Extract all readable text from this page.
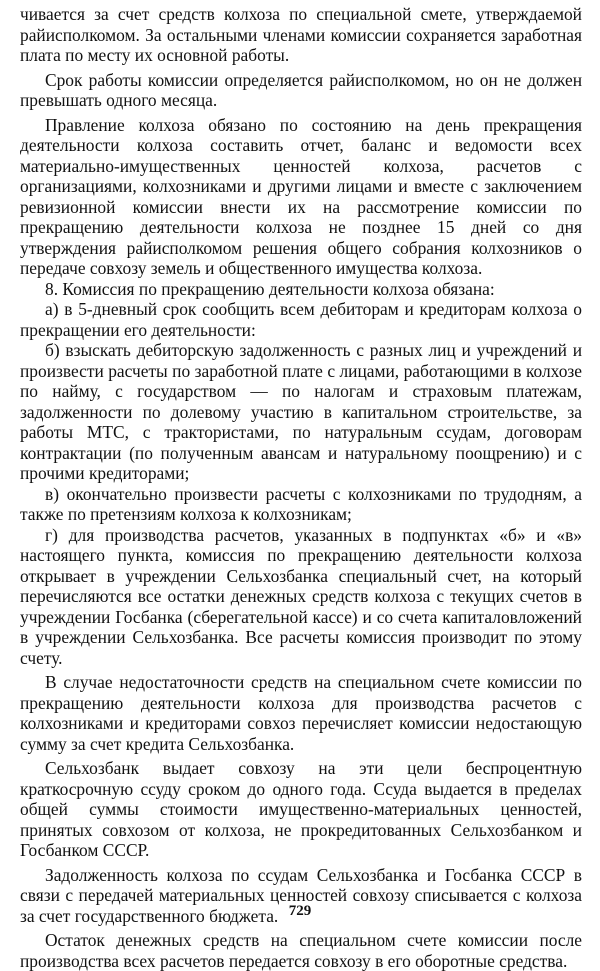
чивается за счет средств колхоза по специальной смете, утверждаемой райисполкомом. За остальными членами комиссии сохраняется заработная плата по месту их основной работы.

Срок работы комиссии определяется райисполкомом, но он не должен превышать одного месяца.

Правление колхоза обязано по состоянию на день прекращения деятельности колхоза составить отчет, баланс и ведомости всех материально-имущественных ценностей колхоза, расчетов с организациями, колхозниками и другими лицами и вместе с заключением ревизионной комиссии внести их на рассмотрение комиссии по прекращению деятельности колхоза не позднее 15 дней со дня утверждения райисполкомом решения общего собрания колхозников о передаче совхозу земель и общественного имущества колхоза.

8. Комиссия по прекращению деятельности колхоза обязана:

а) в 5-дневный срок сообщить всем дебиторам и кредиторам колхоза о прекращении его деятельности:

б) взыскать дебиторскую задолженность с разных лиц и учреждений и произвести расчеты по заработной плате с лицами, работающими в колхозе по найму, с государством — по налогам и страховым платежам, задолженности по долевому участию в капитальном строительстве, за работы МТС, с трактористами, по натуральным ссудам, договорам контрактации (по полученным авансам и натуральному поощрению) и с прочими кредиторами;

в) окончательно произвести расчеты с колхозниками по трудодням, а также по претензиям колхоза к колхозникам;

г) для производства расчетов, указанных в подпунктах «б» и «в» настоящего пункта, комиссия по прекращению деятельности колхоза открывает в учреждении Сельхозбанка специальный счет, на который перечисляются все остатки денежных средств колхоза с текущих счетов в учреждении Госбанка (сберегательной кассе) и со счета капиталовложений в учреждении Сельхозбанка. Все расчеты комиссия производит по этому счету.

В случае недостаточности средств на специальном счете комиссии по прекращению деятельности колхоза для производства расчетов с колхозниками и кредиторами совхоз перечисляет комиссии недостающую сумму за счет кредита Сельхозбанка.

Сельхозбанк выдает совхозу на эти цели беспроцентную краткосрочную ссуду сроком до одного года. Ссуда выдается в пределах общей суммы стоимости имущественно-материальных ценностей, принятых совхозом от колхоза, не прокредитованных Сельхозбанком и Госбанком СССР.

Задолженность колхоза по ссудам Сельхозбанка и Госбанка СССР в связи с передачей материальных ценностей совхозу списывается с колхоза за счет государственного бюджета.

Остаток денежных средств на специальном счете комиссии после производства всех расчетов передается совхозу в его оборотные средства.

729
